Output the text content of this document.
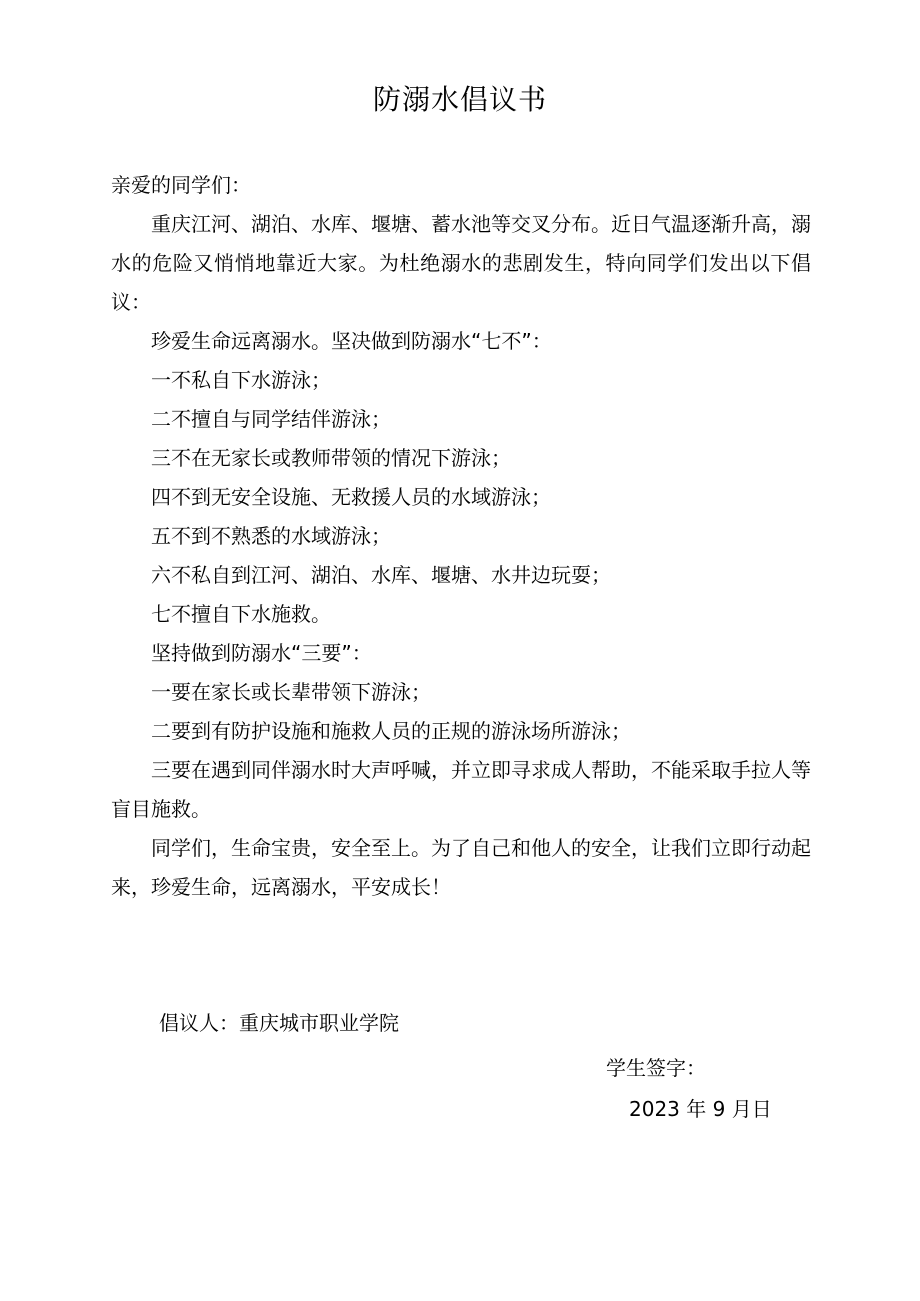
防溺水倡议书

亲爱的同学们：

重庆江河、湖泊、水库、堰塘、蓄水池等交叉分布。近日气温逐渐升高，溺水的危险又悄悄地靠近大家。为杜绝溺水的悲剧发生，特向同学们发出以下倡议：

珍爱生命远离溺水。坚决做到防溺水“七不”：

一不私自下水游泳；

二不擅自与同学结伴游泳；

三不在无家长或教师带领的情况下游泳；

四不到无安全设施、无救援人员的水域游泳；

五不到不熟悉的水域游泳；

六不私自到江河、湖泊、水库、堰塘、水井边玩耍；

七不擅自下水施救。

坚持做到防溺水“三要”：

一要在家长或长辈带领下游泳；

二要到有防护设施和施救人员的正规的游泳场所游泳；

三要在遇到同伴溺水时大声呼喊，并立即寻求成人帮助，不能采取手拉人等盲目施救。

同学们，生命宝贵，安全至上。为了自己和他人的安全，让我们立即行动起来，珍爱生命，远离溺水，平安成长！

倡议人：重庆城市职业学院
学生签字：
2023 年 9 月日
